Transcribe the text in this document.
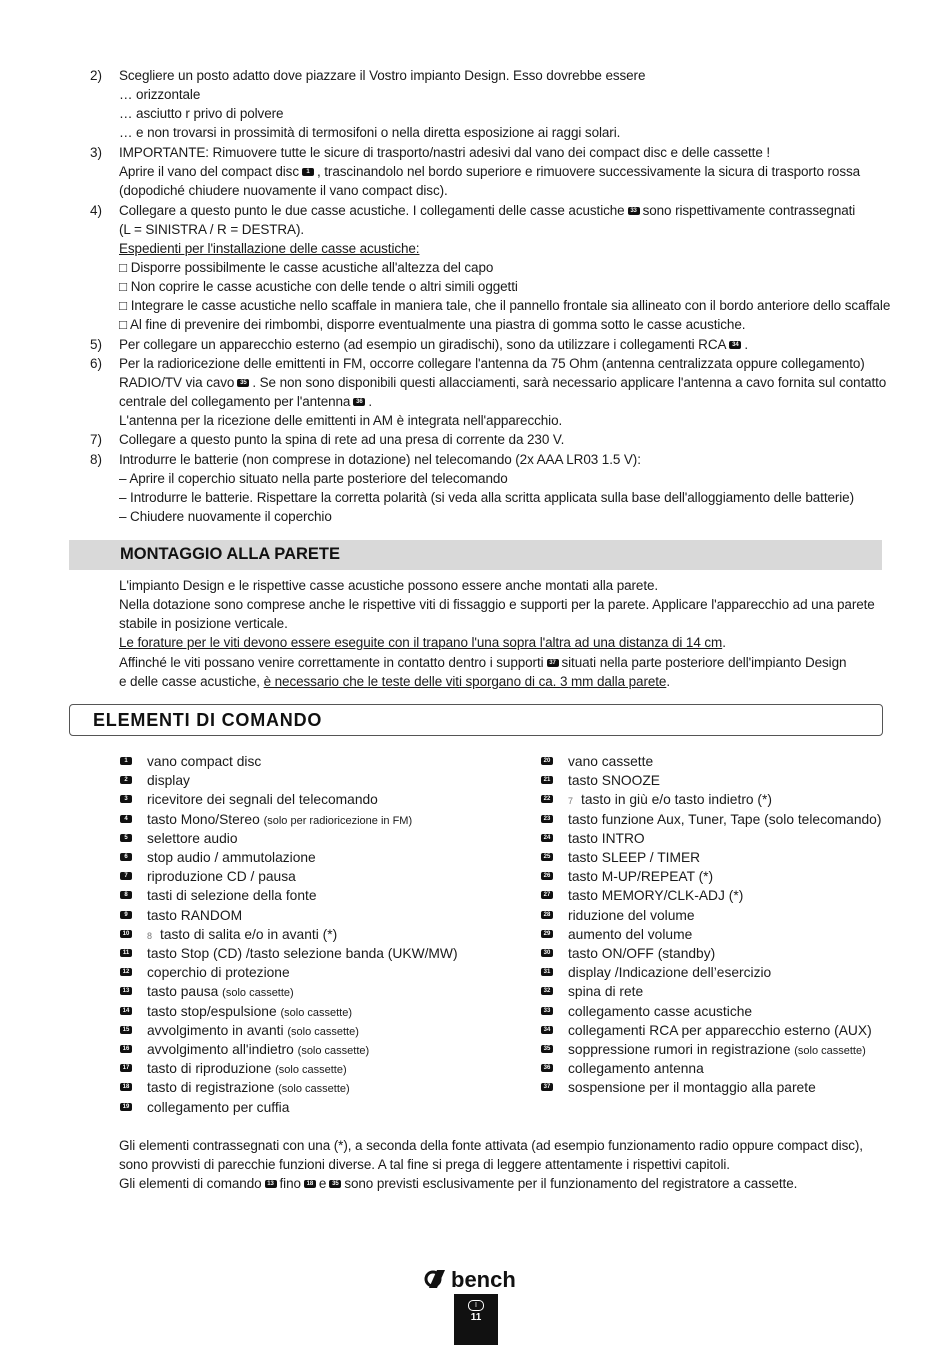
2) Scegliere un posto adatto dove piazzare il Vostro impianto Design. Esso dovrebbe essere
… orizzontale
… asciutto r privo di polvere
… e non trovarsi in prossimità di termosifoni o nella diretta esposizione ai raggi solari.
3) IMPORTANTE: Rimuovere tutte le sicure di trasporto/nastri adesivi dal vano dei compact disc e delle cassette !
Aprire il vano del compact disc 1 , trascinandolo nel bordo superiore e rimuovere successivamente la sicura di trasporto rossa
(dopodiché chiudere nuovamente il vano compact disc).
4) Collegare a questo punto le due casse acustiche. I collegamenti delle casse acustiche 33 sono rispettivamente contrassegnati
(L = SINISTRA / R = DESTRA).
Espedienti per l'installazione delle casse acustiche:
□ Disporre possibilmente le casse acustiche all'altezza del capo
□ Non coprire le casse acustiche con delle tende o altri simili oggetti
□ Integrare le casse acustiche nello scaffale in maniera tale, che il pannello frontale sia allineato con il bordo anteriore dello scaffale
□ Al fine di prevenire dei rimbombi, disporre eventualmente una piastra di gomma sotto le casse acustiche.
5) Per collegare un apparecchio esterno (ad esempio un giradischi), sono da utilizzare i collegamenti RCA 34 .
6) Per la radioricezione delle emittenti in FM, occorre collegare l'antenna da 75 Ohm (antenna centralizzata oppure collegamento)
RADIO/TV via cavo 35 . Se non sono disponibili questi allacciamenti, sarà necessario applicare l'antenna a cavo fornita sul contatto
centrale del collegamento per l'antenna 36 .
L'antenna per la ricezione delle emittenti in AM è integrata nell'apparecchio.
7) Collegare a questo punto la spina di rete ad una presa di corrente da 230 V.
8) Introdurre le batterie (non comprese in dotazione) nel telecomando (2x AAA LR03 1.5 V):
– Aprire il coperchio situato nella parte posteriore del telecomando
– Introdurre le batterie. Rispettare la corretta polarità (si veda alla scritta applicata sulla base dell'alloggiamento delle batterie)
– Chiudere nuovamente il coperchio
MONTAGGIO ALLA PARETE
L'impianto Design e le rispettive casse acustiche possono essere anche montati alla parete.
Nella dotazione sono comprese anche le rispettive viti di fissaggio e supporti per la parete. Applicare l'apparecchio ad una parete
stabile in posizione verticale.
Le forature per le viti devono essere eseguite con il trapano l'una sopra l'altra ad una distanza di 14 cm.
Affinché le viti possano venire correttamente in contatto dentro i supporti 37 situati nella parte posteriore dell'impianto Design
e delle casse acustiche, è necessario che le teste delle viti sporgano di ca. 3 mm dalla parete.
ELEMENTI DI COMANDO
1	vano compact disc
2	display
3	ricevitore dei segnali del telecomando
4	tasto Mono/Stereo (solo per radioricezione in FM)
5	selettore audio
6	stop audio / ammutolazione
7	riproduzione CD / pausa
8	tasti di selezione della fonte
9	tasto RANDOM
10 8 tasto di salita e/o in avanti (*)
11 tasto Stop (CD) /tasto selezione banda (UKW/MW)
12 coperchio di protezione
13 tasto pausa (solo cassette)
14 tasto stop/espulsione (solo cassette)
15 avvolgimento in avanti (solo cassette)
16 avvolgimento all'indietro (solo cassette)
17 tasto di riproduzione (solo cassette)
18 tasto di registrazione (solo cassette)
19 collegamento per cuffia
20 vano cassette
21 tasto SNOOZE
22 7 tasto in giù e/o tasto indietro (*)
23 tasto funzione Aux, Tuner, Tape (solo telecomando)
24 tasto INTRO
25 tasto SLEEP / TIMER
26 tasto M-UP/REPEAT (*)
27 tasto MEMORY/CLK-ADJ (*)
28 riduzione del volume
29 aumento del volume
30 tasto ON/OFF (standby)
31 display /Indicazione dell’esercizio
32 spina di rete
33 collegamento casse acustiche
34 collegamenti RCA per apparecchio esterno (AUX)
35 soppressione rumori in registrazione (solo cassette)
36 collegamento antenna
37 sospensione per il montaggio alla parete
Gli elementi contrassegnati con una (*), a seconda della fonte attivata (ad esempio funzionamento radio oppure compact disc),
sono provvisti di parecchie funzioni diverse. A tal fine si prega di leggere attentamente i rispettivi capitoli.
Gli elementi di comando 13 fino 18 e 35 sono previsti esclusivamente per il funzionamento del registratore a cassette.
bench
I
11
